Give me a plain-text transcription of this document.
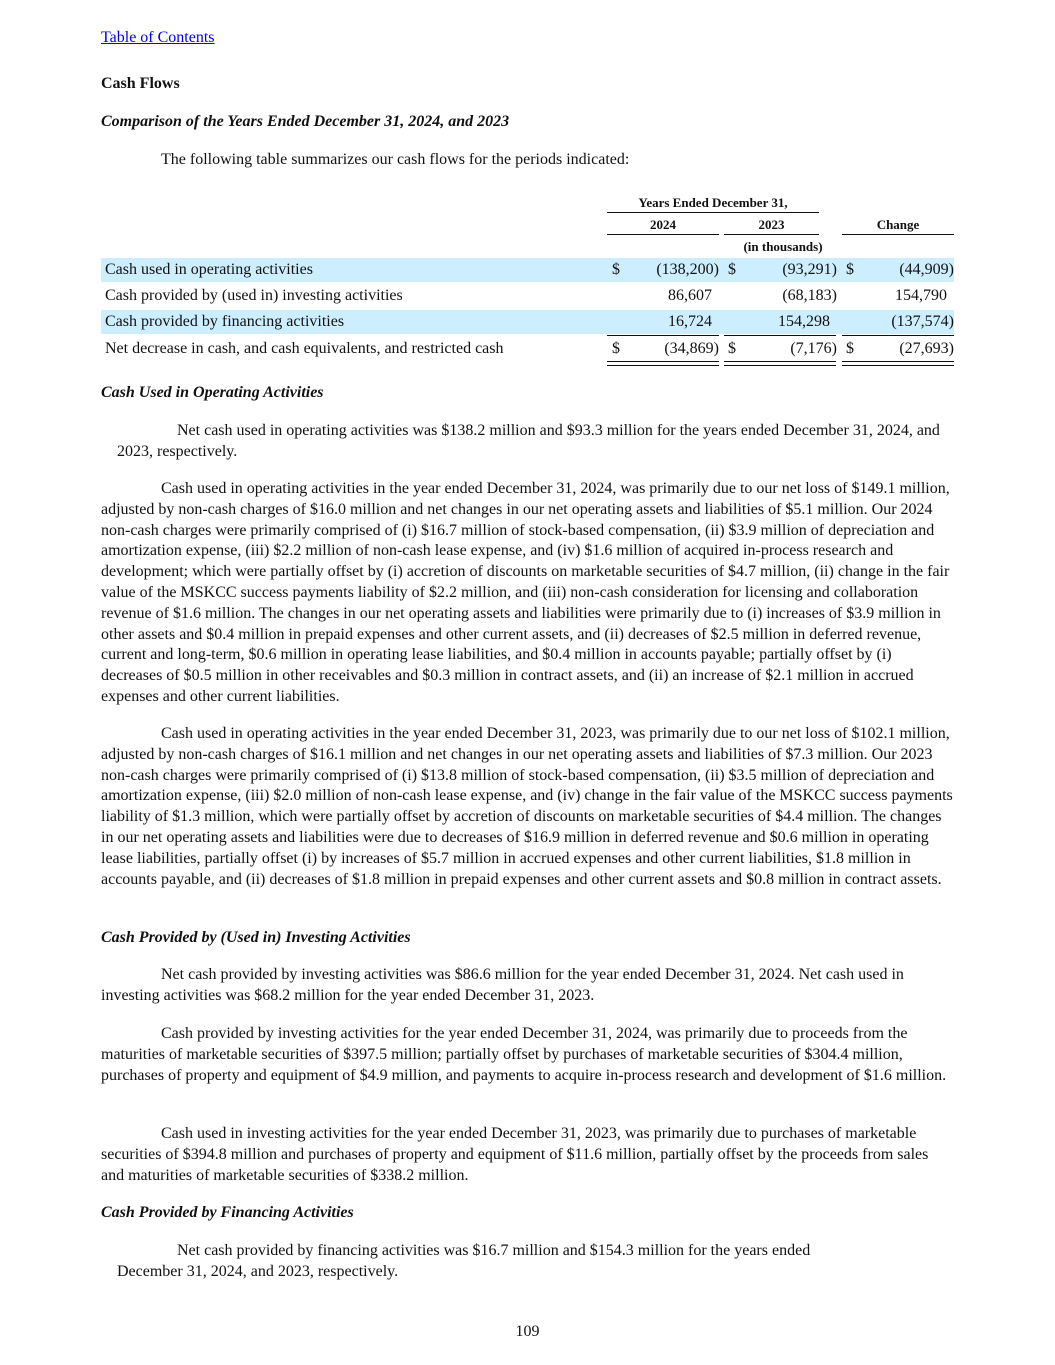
Table of Contents
Cash Flows
Comparison of the Years Ended December 31, 2024, and 2023
The following table summarizes our cash flows for the periods indicated:
Years Ended December 31,
2024	2023	Change
(in thousands)
Cash used in operating activities	$	(138,200) $	(93,291) $	(44,909)
Cash provided by (used in) investing activities	86,607	(68,183)	154,790
Cash provided by financing activities	16,724	154,298	(137,574)
Net decrease in cash, and cash equivalents, and restricted cash	$	(34,869) $	(7,176) $	(27,693)
Cash Used in Operating Activities
Net cash used in operating activities was $138.2 million and $93.3 million for the years ended December 31, 2024, and 2023, respectively.
Cash used in operating activities in the year ended December 31, 2024, was primarily due to our net loss of $149.1 million, adjusted by non-cash charges of $16.0 million and net changes in our net operating assets and liabilities of $5.1 million. Our 2024 non-cash charges were primarily comprised of (i) $16.7 million of stock-based compensation, (ii) $3.9 million of depreciation and amortization expense, (iii) $2.2 million of non-cash lease expense, and (iv) $1.6 million of acquired in-process research and development; which were partially offset by (i) accretion of discounts on marketable securities of $4.7 million, (ii) change in the fair value of the MSKCC success payments liability of $2.2 million, and (iii) non-cash consideration for licensing and collaboration revenue of $1.6 million. The changes in our net operating assets and liabilities were primarily due to (i) increases of $3.9 million in other assets and $0.4 million in prepaid expenses and other current assets, and (ii) decreases of $2.5 million in deferred revenue, current and long-term, $0.6 million in operating lease liabilities, and $0.4 million in accounts payable; partially offset by (i) decreases of $0.5 million in other receivables and $0.3 million in contract assets, and (ii) an increase of $2.1 million in accrued expenses and other current liabilities.
Cash used in operating activities in the year ended December 31, 2023, was primarily due to our net loss of $102.1 million, adjusted by non-cash charges of $16.1 million and net changes in our net operating assets and liabilities of $7.3 million. Our 2023 non-cash charges were primarily comprised of (i) $13.8 million of stock-based compensation, (ii) $3.5 million of depreciation and amortization expense, (iii) $2.0 million of non-cash lease expense, and (iv) change in the fair value of the MSKCC success payments liability of $1.3 million, which were partially offset by accretion of discounts on marketable securities of $4.4 million. The changes in our net operating assets and liabilities were due to decreases of $16.9 million in deferred revenue and $0.6 million in operating lease liabilities, partially offset (i) by increases of $5.7 million in accrued expenses and other current liabilities, $1.8 million in accounts payable, and (ii) decreases of $1.8 million in prepaid expenses and other current assets and $0.8 million in contract assets.
Cash Provided by (Used in) Investing Activities
Net cash provided by investing activities was $86.6 million for the year ended December 31, 2024. Net cash used in investing activities was $68.2 million for the year ended December 31, 2023.
Cash provided by investing activities for the year ended December 31, 2024, was primarily due to proceeds from the maturities of marketable securities of $397.5 million; partially offset by purchases of marketable securities of $304.4 million, purchases of property and equipment of $4.9 million, and payments to acquire in-process research and development of $1.6 million.
Cash used in investing activities for the year ended December 31, 2023, was primarily due to purchases of marketable securities of $394.8 million and purchases of property and equipment of $11.6 million, partially offset by the proceeds from sales and maturities of marketable securities of $338.2 million.
Cash Provided by Financing Activities
Net cash provided by financing activities was $16.7 million and $154.3 million for the years ended December 31, 2024, and 2023, respectively.
109
